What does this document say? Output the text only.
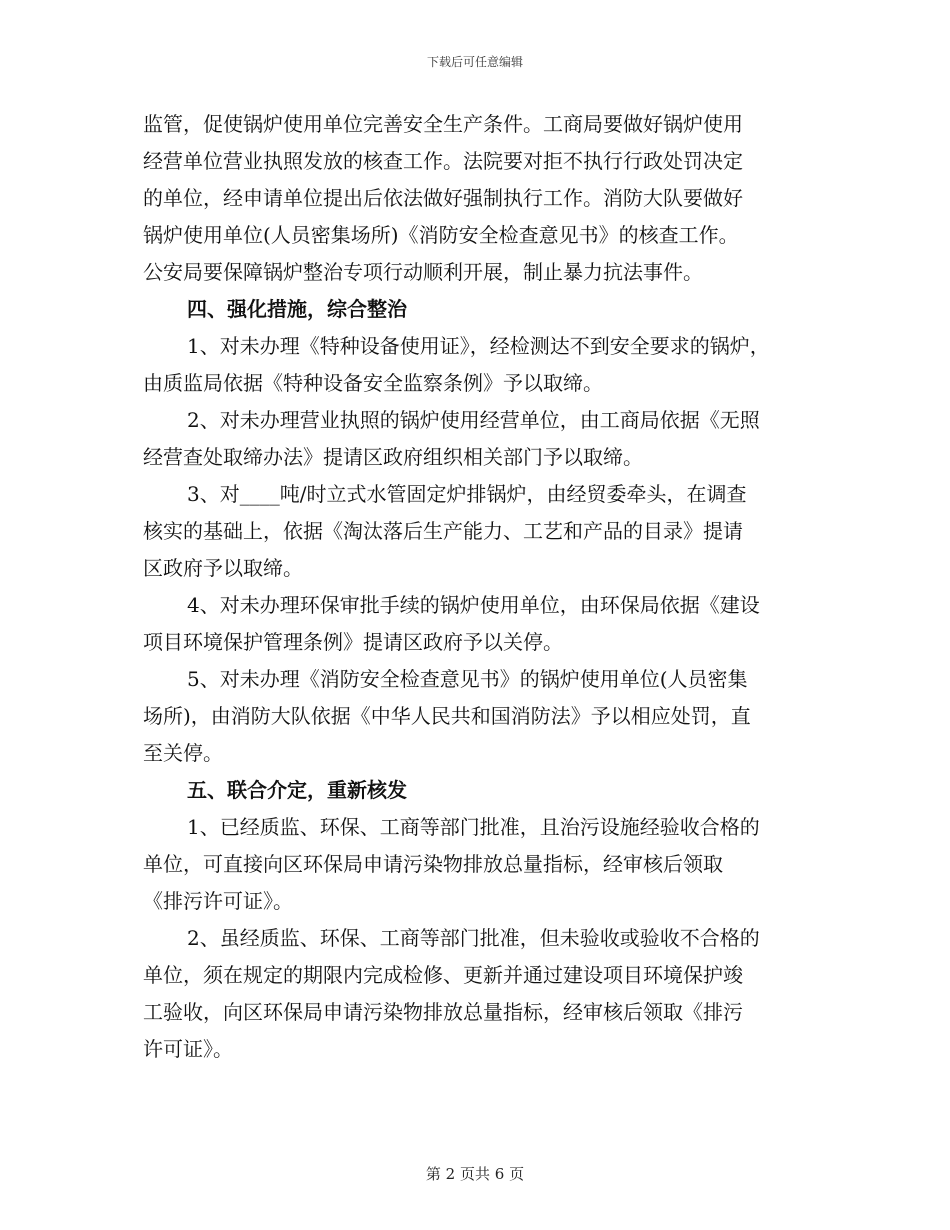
下载后可任意编辑
监管，促使锅炉使用单位完善安全生产条件。工商局要做好锅炉使用
经营单位营业执照发放的核查工作。法院要对拒不执行行政处罚决定
的单位，经申请单位提出后依法做好强制执行工作。消防大队要做好
锅炉使用单位(人员密集场所)《消防安全检查意见书》的核查工作。
公安局要保障锅炉整治专项行动顺利开展，制止暴力抗法事件。
四、强化措施，综合整治
1、对未办理《特种设备使用证》，经检测达不到安全要求的锅炉，
由质监局依据《特种设备安全监察条例》予以取缔。
2、对未办理营业执照的锅炉使用经营单位，由工商局依据《无照
经营查处取缔办法》提请区政府组织相关部门予以取缔。
3、对____吨/时立式水管固定炉排锅炉，由经贸委牵头，在调查
核实的基础上，依据《淘汰落后生产能力、工艺和产品的目录》提请
区政府予以取缔。
4、对未办理环保审批手续的锅炉使用单位，由环保局依据《建设
项目环境保护管理条例》提请区政府予以关停。
5、对未办理《消防安全检查意见书》的锅炉使用单位(人员密集
场所)，由消防大队依据《中华人民共和国消防法》予以相应处罚，直
至关停。
五、联合介定，重新核发
1、已经质监、环保、工商等部门批准，且治污设施经验收合格的
单位，可直接向区环保局申请污染物排放总量指标，经审核后领取
《排污许可证》。
2、虽经质监、环保、工商等部门批准，但未验收或验收不合格的
单位，须在规定的期限内完成检修、更新并通过建设项目环境保护竣
工验收，向区环保局申请污染物排放总量指标，经审核后领取《排污
许可证》。
第 2 页共 6 页
